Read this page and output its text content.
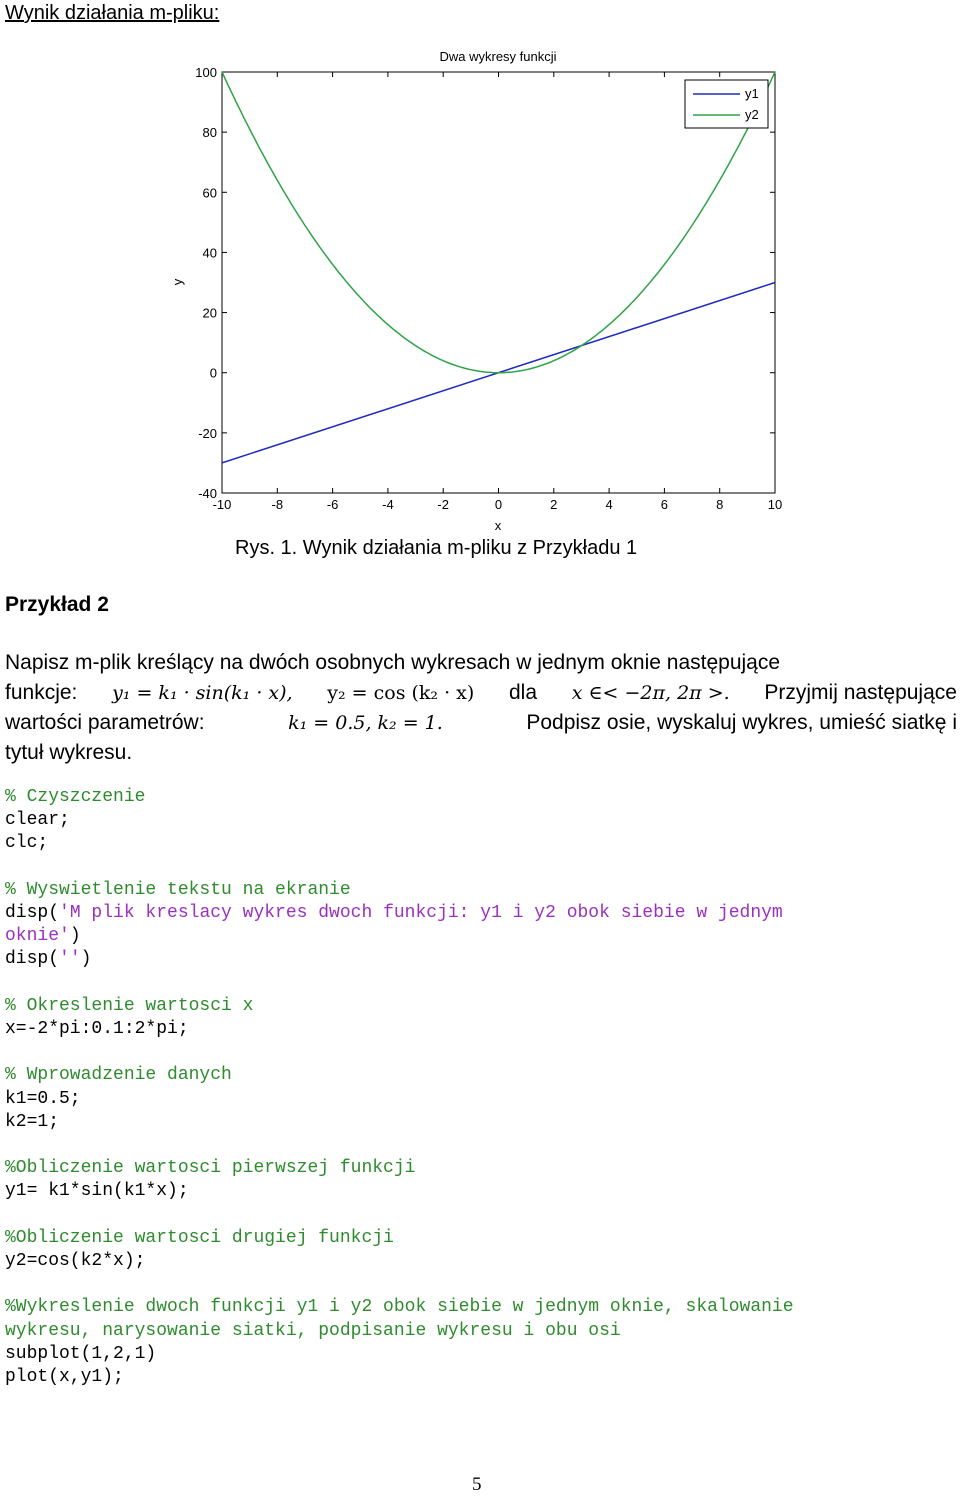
Wynik działania m-pliku:
Dwa wykresy funkcji
x
y
-10	-8	-6	-4	-2	0	2	4	6	8	10
-40
-20
0
20
40
60
80
100
y1
y2
Rys. 1. Wynik działania m-pliku z Przykładu 1
Przykład 2
Napisz m-plik kreślący na dwóch osobnych wykresach w jednym oknie następujące
funkcje: y₁ = k₁ · sin(k₁ · x), y₂ = cos (k₂ · x) dla x ∈< −2π, 2π >. Przyjmij następujące
wartości parametrów:	k₁ = 0.5, k₂ = 1.	Podpisz osie, wyskaluj wykres, umieść siatkę i
tytuł wykresu.
% Czyszczenie
clear;
clc;

% Wyswietlenie tekstu na ekranie
disp('M plik kreslacy wykres dwoch funkcji: y1 i y2 obok siebie w jednym
oknie')
disp('')

% Okreslenie wartosci x
x=-2*pi:0.1:2*pi;

% Wprowadzenie danych
k1=0.5;
k2=1;

%Obliczenie wartosci pierwszej funkcji
y1= k1*sin(k1*x);

%Obliczenie wartosci drugiej funkcji
y2=cos(k2*x);

%Wykreslenie dwoch funkcji y1 i y2 obok siebie w jednym oknie, skalowanie
wykresu, narysowanie siatki, podpisanie wykresu i obu osi
subplot(1,2,1)
plot(x,y1);
5
